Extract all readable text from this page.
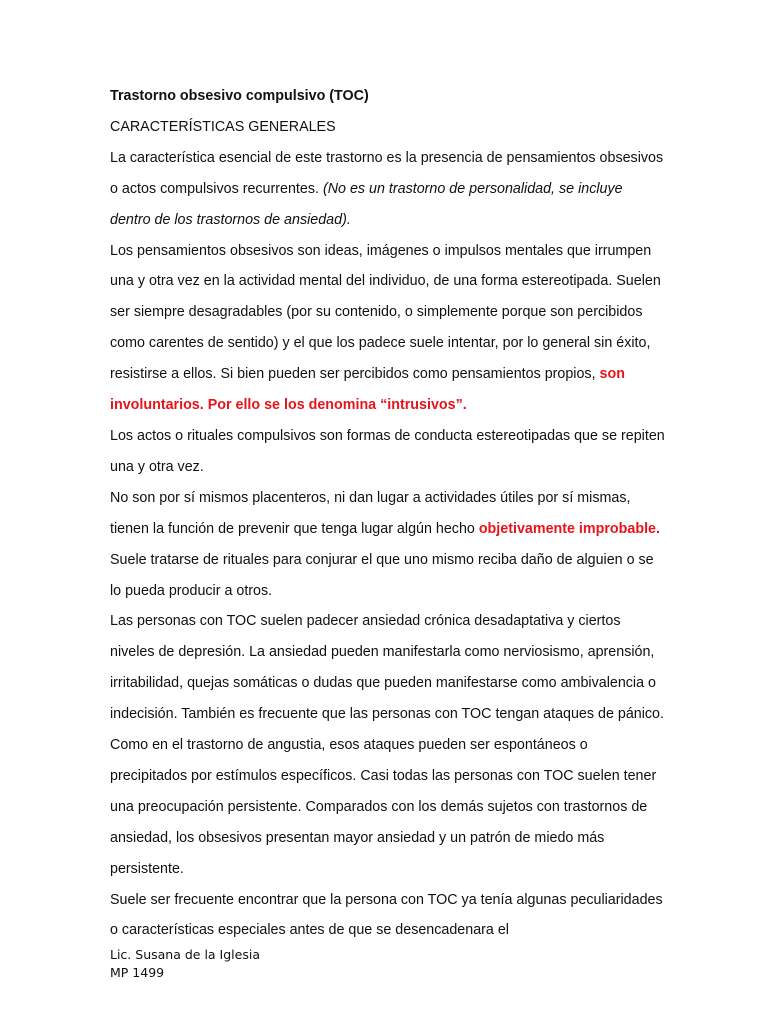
Trastorno obsesivo compulsivo (TOC)

CARACTERÍSTICAS GENERALES

La característica esencial de este trastorno es la presencia de pensamientos obsesivos o actos compulsivos recurrentes. (No es un trastorno de personalidad, se incluye dentro de los trastornos de ansiedad).

Los pensamientos obsesivos son ideas, imágenes o impulsos mentales que irrumpen una y otra vez en la actividad mental del individuo, de una forma estereotipada. Suelen ser siempre desagradables (por su contenido, o simplemente porque son percibidos como carentes de sentido) y el que los padece suele intentar, por lo general sin éxito, resistirse a ellos. Si bien pueden ser percibidos como pensamientos propios, son involuntarios. Por ello se los denomina “intrusivos”.

Los actos o rituales compulsivos son formas de conducta estereotipadas que se repiten una y otra vez.

No son por sí mismos placenteros, ni dan lugar a actividades útiles por sí mismas, tienen la función de prevenir que tenga lugar algún hecho objetivamente improbable. Suele tratarse de rituales para conjurar el que uno mismo reciba daño de alguien o se lo pueda producir a otros.

Las personas con TOC suelen padecer ansiedad crónica desadaptativa y ciertos niveles de depresión. La ansiedad pueden manifestarla como nerviosismo, aprensión, irritabilidad, quejas somáticas o dudas que pueden manifestarse como ambivalencia o indecisión. También es frecuente que las personas con TOC tengan ataques de pánico. Como en el trastorno de angustia, esos ataques pueden ser espontáneos o precipitados por estímulos específicos. Casi todas las personas con TOC suelen tener una preocupación persistente. Comparados con los demás sujetos con trastornos de ansiedad, los obsesivos presentan mayor ansiedad y un patrón de miedo más persistente.

Suele ser frecuente encontrar que la persona con TOC ya tenía algunas peculiaridades o características especiales antes de que se desencadenara el

Lic. Susana de la Iglesia
MP 1499
